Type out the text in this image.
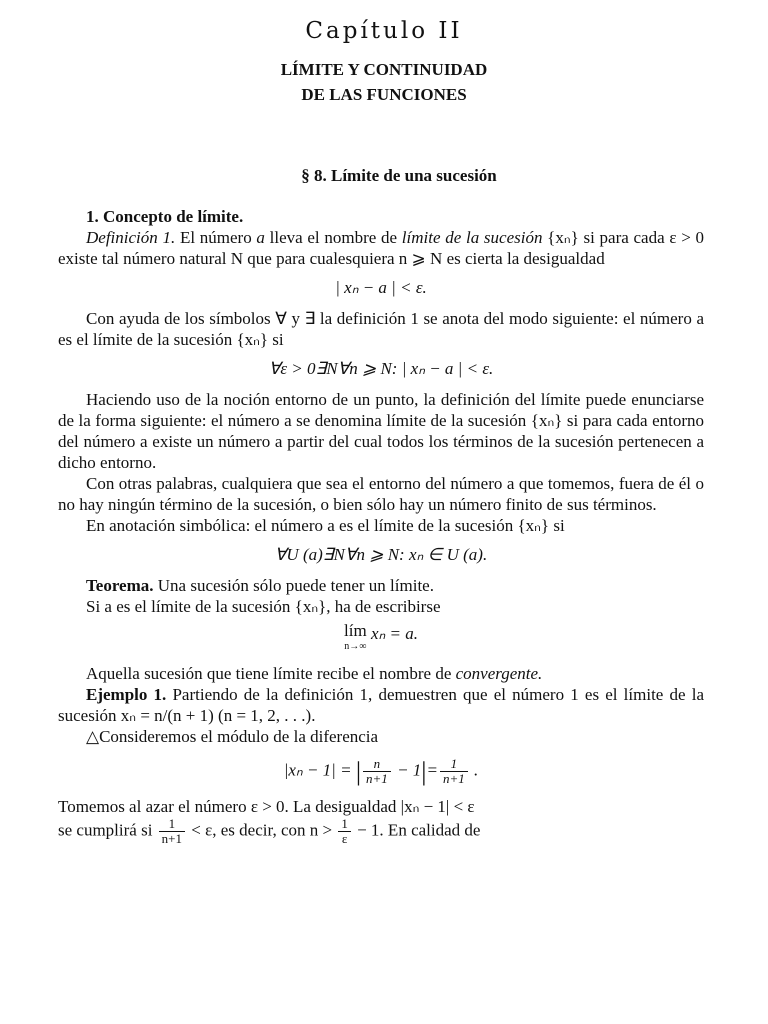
Capítulo II
LÍMITE Y CONTINUIDAD
DE LAS FUNCIONES
§ 8. Límite de una sucesión

1. Concepto de límite.

Definición 1. El número a lleva el nombre de límite de la sucesión {xₙ} si para cada ε > 0 existe tal número natural N que para cualesquiera n ⩾ N es cierta la desigualdad

| xₙ − a | < ε.

Con ayuda de los símbolos ∀ y ∃ la definición 1 se anota del modo siguiente: el número a es el límite de la sucesión {xₙ} si

∀ε > 0∃N∀n ⩾ N: | xₙ − a | < ε.

Haciendo uso de la noción entorno de un punto, la definición del límite puede enunciarse de la forma siguiente: el número a se denomina límite de la sucesión {xₙ} si para cada entorno del número a existe un número a partir del cual todos los términos de la sucesión pertenecen a dicho entorno.

Con otras palabras, cualquiera que sea el entorno del número a que tomemos, fuera de él o no hay ningún término de la sucesión, o bien sólo hay un número finito de sus términos.

En anotación simbólica: el número a es el límite de la sucesión {xₙ} si

∀U (a)∃N∀n ⩾ N: xₙ ∈ U (a).

Teorema. Una sucesión sólo puede tener un límite.

Si a es el límite de la sucesión {xₙ}, ha de escribirse

lím
n→∞
xₙ = a.

Aquella sucesión que tiene límite recibe el nombre de convergente.

Ejemplo 1. Partiendo de la definición 1, demuestren que el número 1 es el límite de la sucesión xₙ = n/(n + 1) (n = 1, 2, . . .).

△Consideremos el módulo de la diferencia

|xₙ − 1| = | $\frac{n}{n+1} - 1|= \frac{1}{n+1}$ .

Tomemos al azar el número ε > 0. La desigualdad |xₙ − 1| < ε

se cumplirá si $\frac{1}{n+1} < \varepsilon$, es decir, con $n > \frac{1}{\varepsilon} - 1$. En calidad de
